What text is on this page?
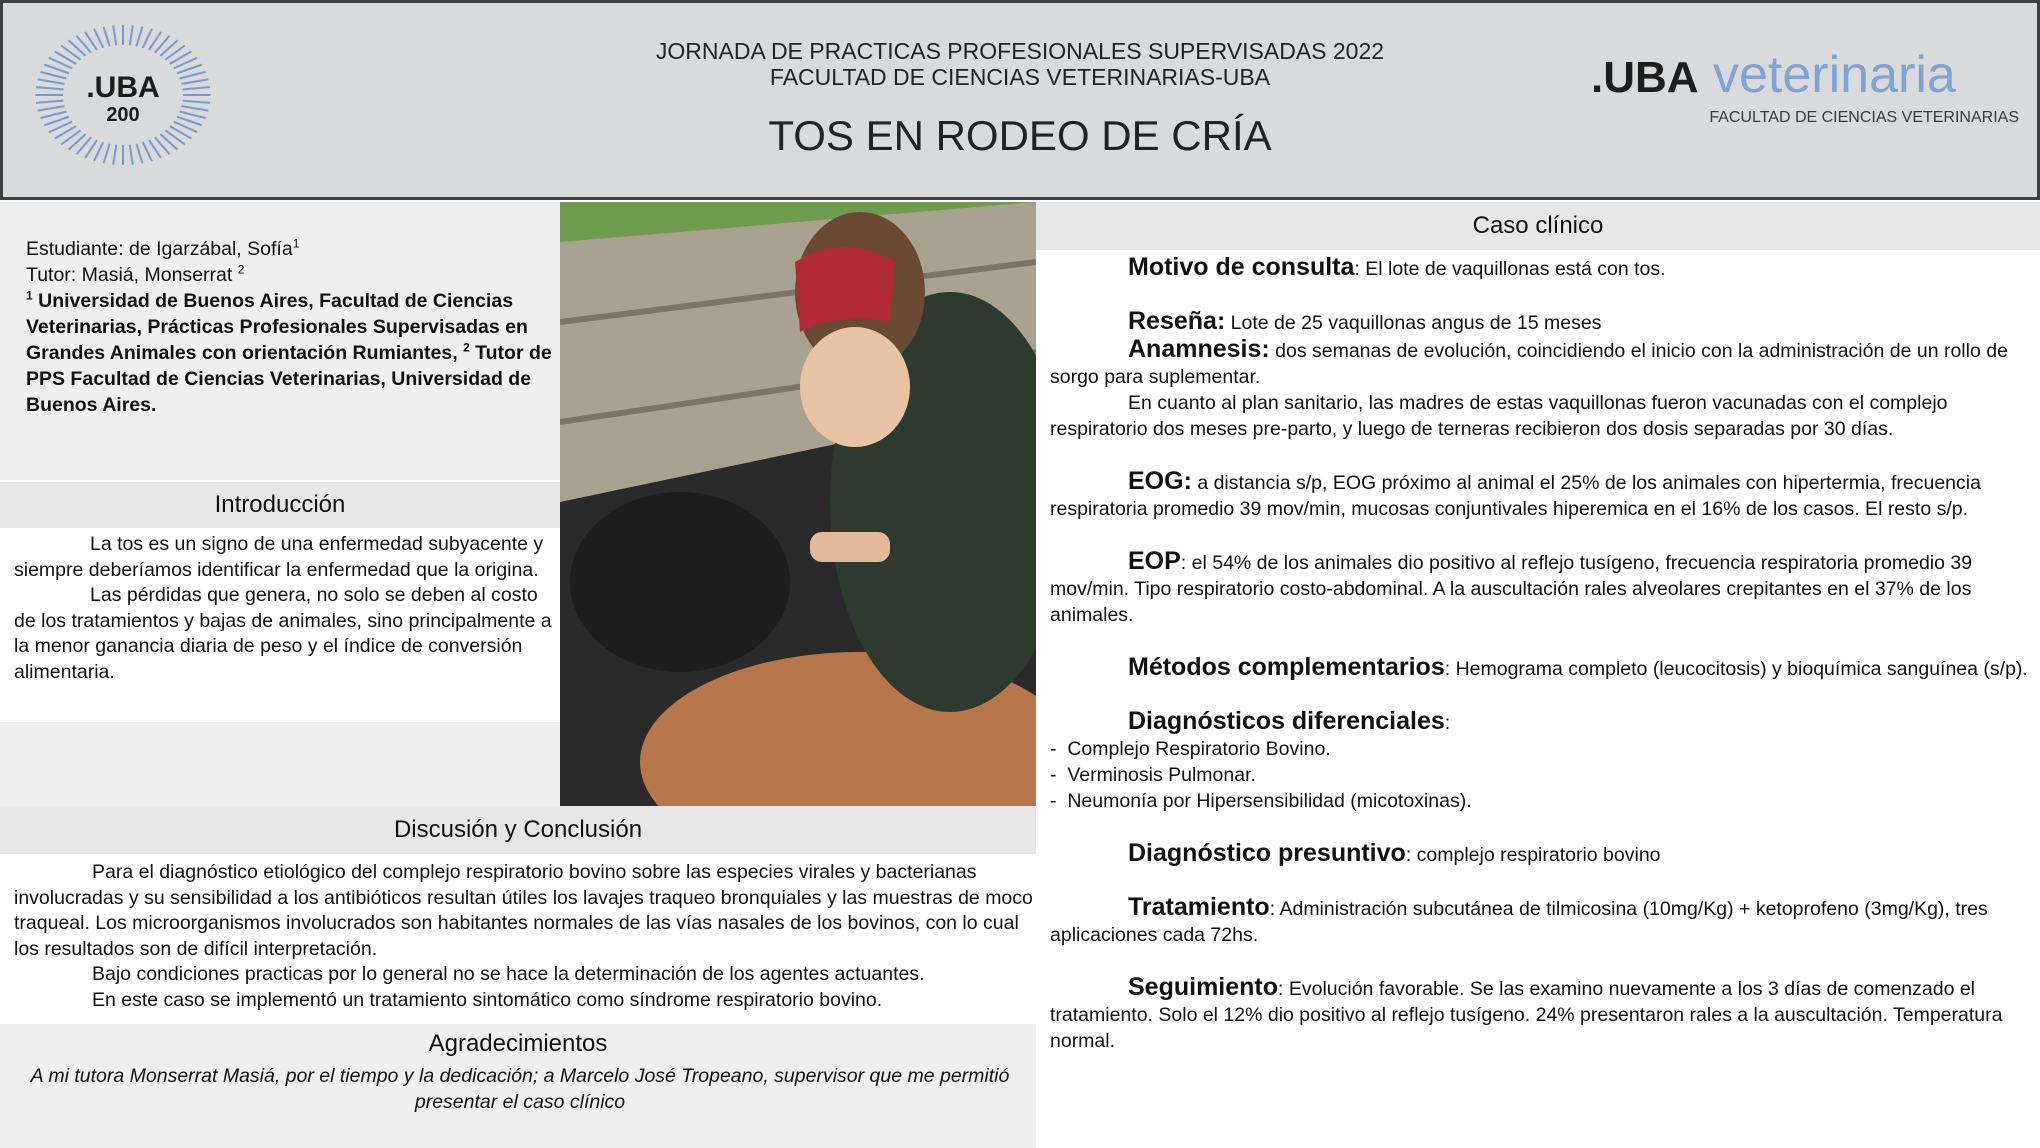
.UBA
200
JORNADA DE PRACTICAS PROFESIONALES SUPERVISADAS 2022
FACULTAD DE CIENCIAS VETERINARIAS-UBA
TOS EN RODEO DE CRÍA
.UBA veterinaria
FACULTAD DE CIENCIAS VETERINARIAS

Estudiante: de Igarzábal, Sofía$^1$

Tutor: Masiá, Monserrat $^2$

$^1$ Universidad de Buenos Aires, Facultad de Ciencias Veterinarias, Prácticas Profesionales Supervisadas en Grandes Animales con orientación Rumiantes, $^2$ Tutor de PPS Facultad de Ciencias Veterinarias, Universidad de Buenos Aires.

Introducción

La tos es un signo de una enfermedad subyacente y siempre deberíamos identificar la enfermedad que la origina.

Las pérdidas que genera, no solo se deben al costo de los tratamientos y bajas de animales, sino principalmente a la menor ganancia diaria de peso y el índice de conversión alimentaria.

Discusión y Conclusión

Para el diagnóstico etiológico del complejo respiratorio bovino sobre las especies virales y bacterianas involucradas y su sensibilidad a los antibióticos resultan útiles los lavajes traqueo bronquiales y las muestras de moco traqueal. Los microorganismos involucrados son habitantes normales de las vías nasales de los bovinos, con lo cual los resultados son de difícil interpretación.

Bajo condiciones practicas por lo general no se hace la determinación de los agentes actuantes.

En este caso se implementó un tratamiento sintomático como síndrome respiratorio bovino.

Agradecimientos
A mi tutora Monserrat Masiá, por el tiempo y la dedicación; a Marcelo José Tropeano, supervisor que me permitió presentar el caso clínico
Caso clínico

Motivo de consulta: El lote de vaquillonas está con tos.

Reseña: Lote de 25 vaquillonas angus de 15 meses

Anamnesis: dos semanas de evolución, coincidiendo el inicio con la administración de un rollo de sorgo para suplementar.

En cuanto al plan sanitario, las madres de estas vaquillonas fueron vacunadas con el complejo respiratorio dos meses pre-parto, y luego de terneras recibieron dos dosis separadas por 30 días.

EOG: a distancia s/p, EOG próximo al animal el 25% de los animales con hipertermia, frecuencia respiratoria promedio 39 mov/min, mucosas conjuntivales hiperemica en el 16% de los casos. El resto s/p.

EOP: el 54% de los animales dio positivo al reflejo tusígeno, frecuencia respiratoria promedio 39 mov/min. Tipo respiratorio costo-abdominal. A la auscultación rales alveolares crepitantes en el 37% de los animales.

Métodos complementarios: Hemograma completo (leucocitosis) y bioquímica sanguínea (s/p).

Diagnósticos diferenciales:

- Complejo Respiratorio Bovino.
- Verminosis Pulmonar.
- Neumonía por Hipersensibilidad (micotoxinas).

Diagnóstico presuntivo: complejo respiratorio bovino

Tratamiento: Administración subcutánea de tilmicosina (10mg/Kg) + ketoprofeno (3mg/Kg), tres aplicaciones cada 72hs.

Seguimiento: Evolución favorable. Se las examino nuevamente a los 3 días de comenzado el tratamiento. Solo el 12% dio positivo al reflejo tusígeno. 24% presentaron rales a la auscultación. Temperatura normal.
